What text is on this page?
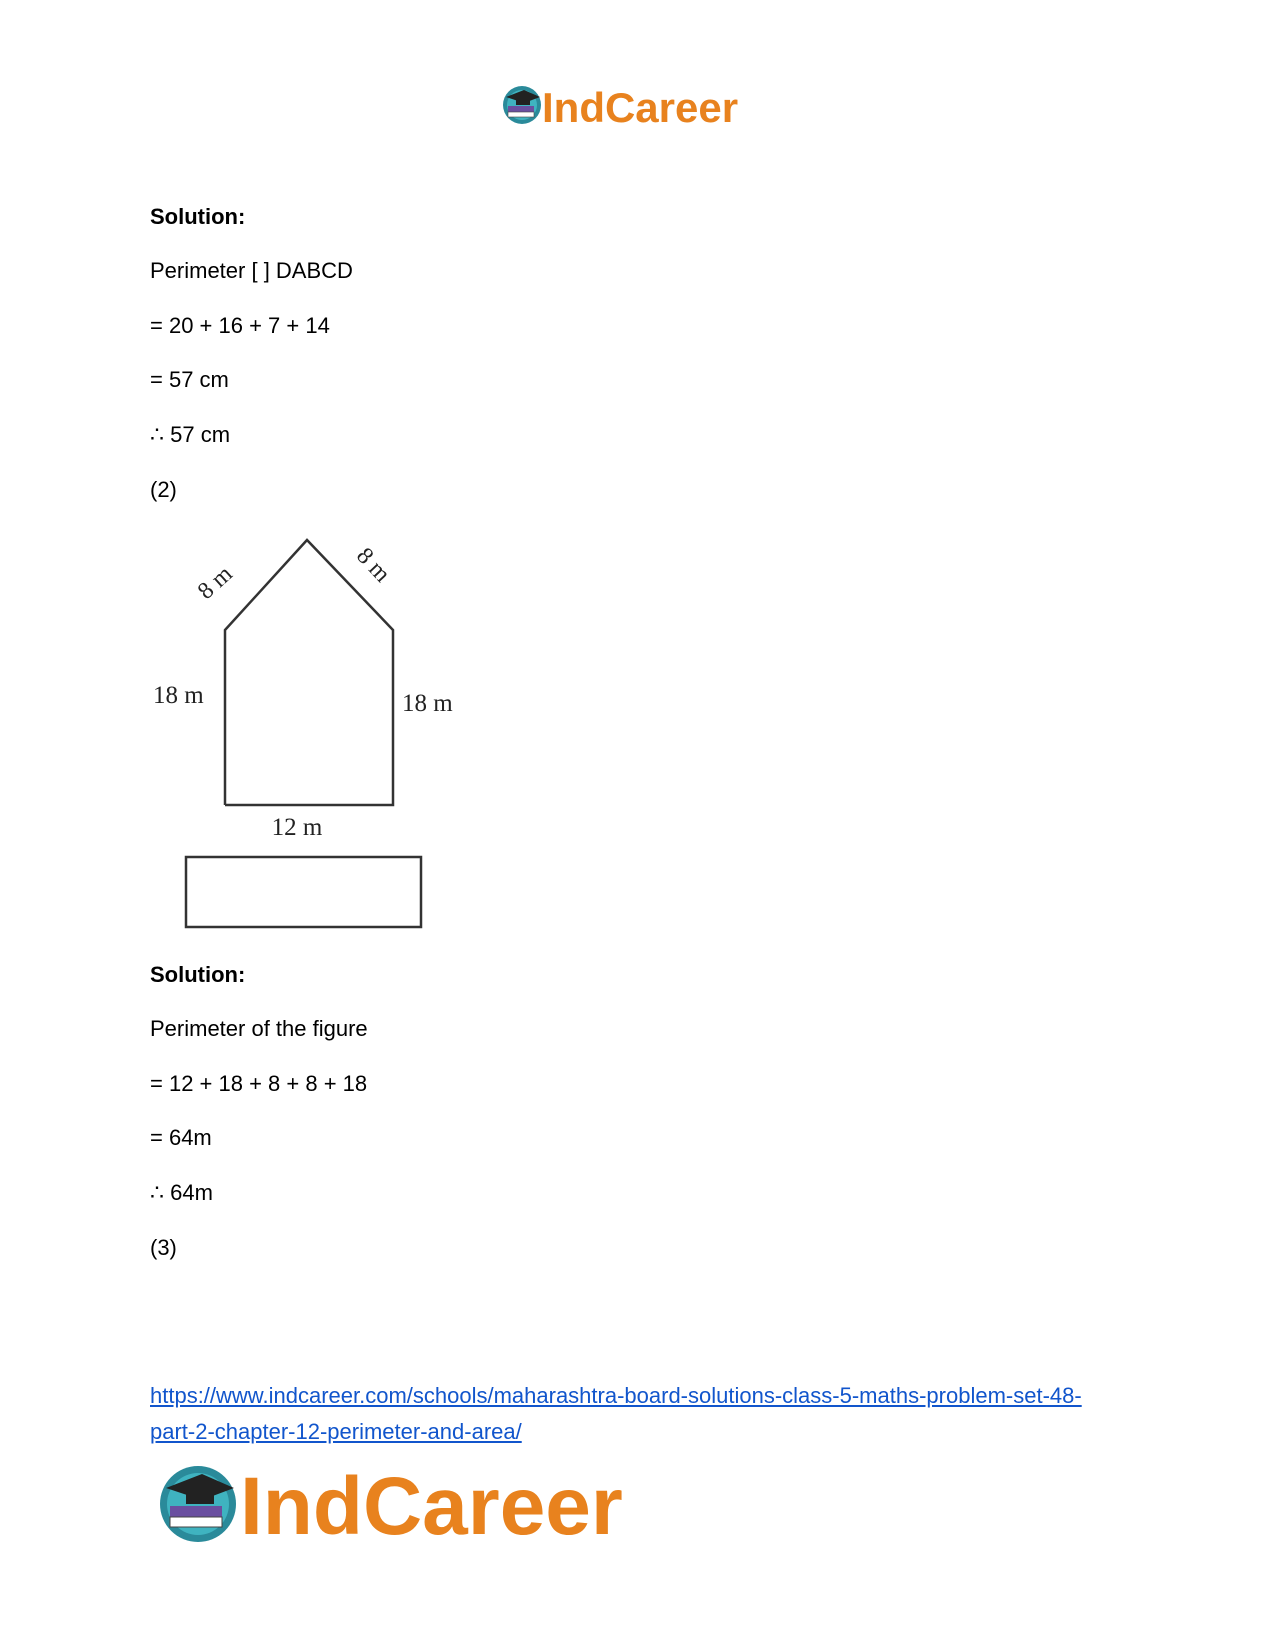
IndCareer
Solution:
Perimeter [ ] DABCD
= 20 + 16 + 7 + 14
= 57 cm
∴ 57 cm
(2)
8 m	8 m
18 m	18 m
12 m
Solution:
Perimeter of the figure
= 12 + 18 + 8 + 8 + 18
= 64m
∴ 64m
(3)
https://www.indcareer.com/schools/maharashtra-board-solutions-class-5-maths-problem-set-48-
part-2-chapter-12-perimeter-and-area/
IndCareer
